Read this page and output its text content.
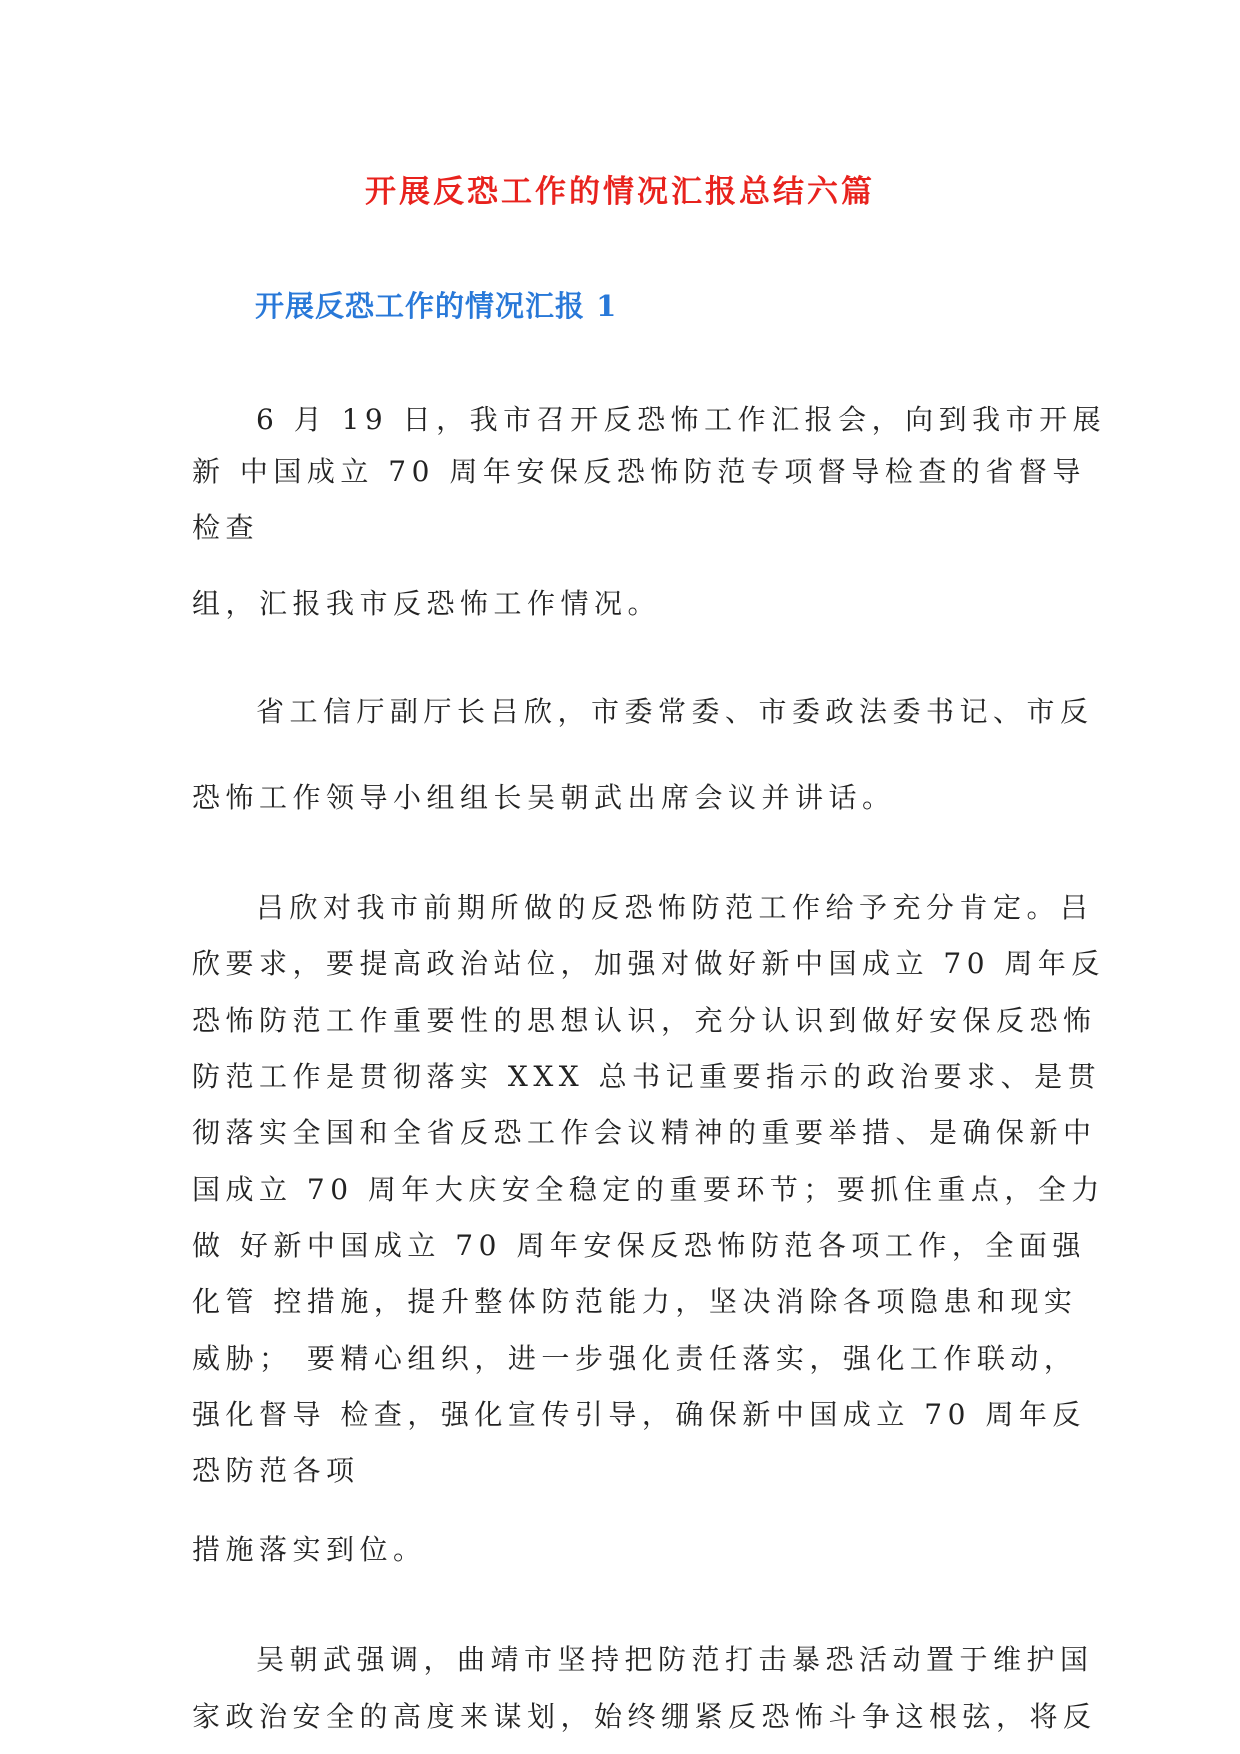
开展反恐工作的情况汇报总结六篇
开展反恐工作的情况汇报 1
6 月 19 日，我市召开反恐怖工作汇报会，向到我市开展
新 中国成立 70 周年安保反恐怖防范专项督导检查的省督导
检查
组，汇报我市反恐怖工作情况。
省工信厅副厅长吕欣，市委常委、市委政法委书记、市反
恐怖工作领导小组组长吴朝武出席会议并讲话。
吕欣对我市前期所做的反恐怖防范工作给予充分肯定。吕
欣要求，要提高政治站位，加强对做好新中国成立 70 周年反
恐怖防范工作重要性的思想认识，充分认识到做好安保反恐怖
防范工作是贯彻落实 XXX 总书记重要指示的政治要求、是贯
彻落实全国和全省反恐工作会议精神的重要举措、是确保新中
国成立 70 周年大庆安全稳定的重要环节；要抓住重点，全力
做 好新中国成立 70 周年安保反恐怖防范各项工作，全面强
化管 控措施，提升整体防范能力，坚决消除各项隐患和现实
威胁； 要精心组织，进一步强化责任落实，强化工作联动，
强化督导 检查，强化宣传引导，确保新中国成立 70 周年反
恐防范各项
措施落实到位。
吴朝武强调，曲靖市坚持把防范打击暴恐活动置于维护国
家政治安全的高度来谋划，始终绷紧反恐怖斗争这根弦，将反
